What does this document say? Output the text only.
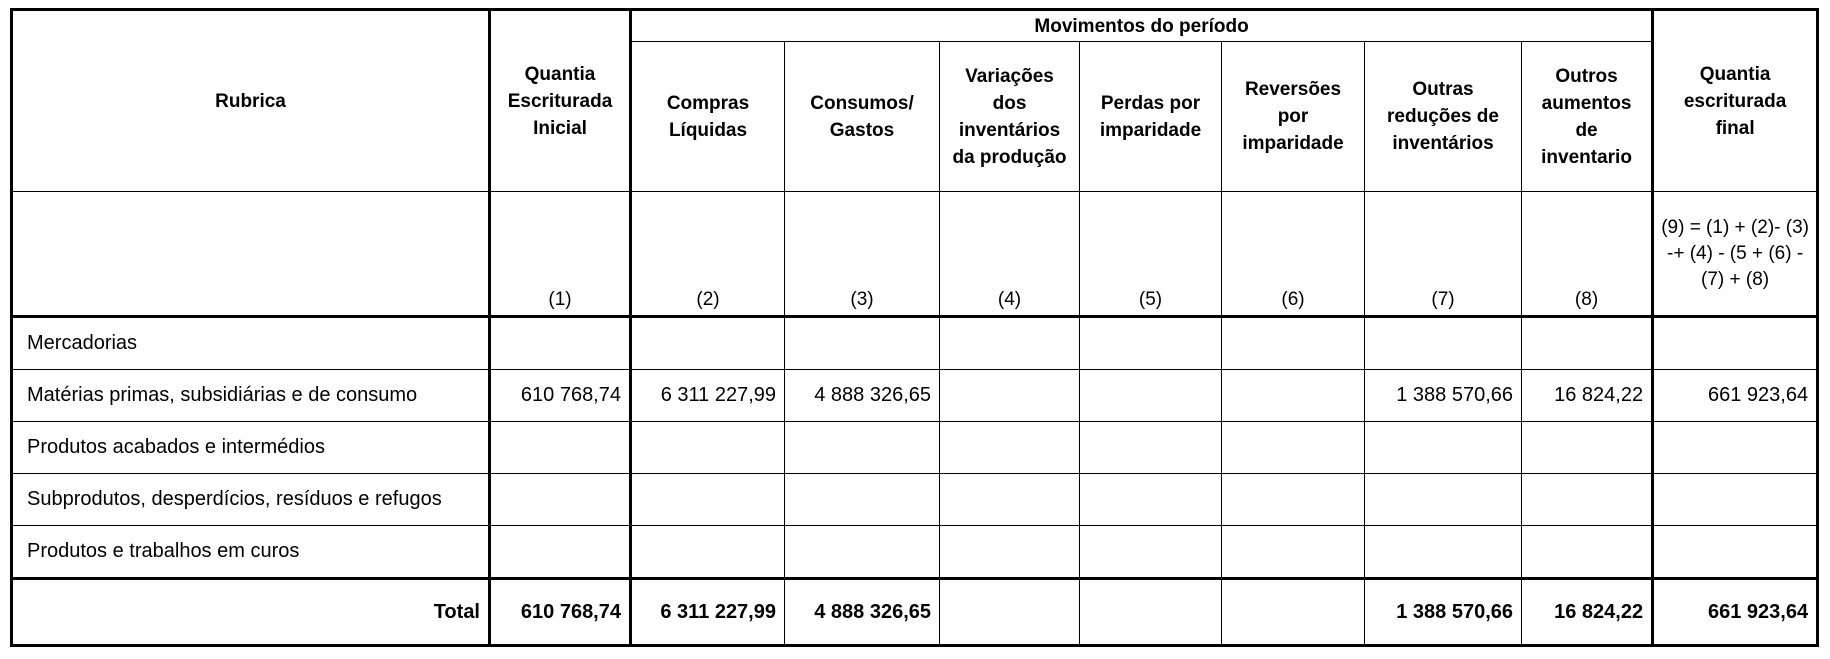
Rubrica	Quantia Escriturada Inicial	Movimentos do período							Quantia escriturada final
		Compras Líquidas	Consumos/ Gastos	Variações dos inventários da produção	Perdas por imparidade	Reversões por imparidade	Outras reduções de inventários	Outros aumentos de inventario	
	(1)	(2)	(3)	(4)	(5)	(6)	(7)	(8)	(9) = (1) + (2)- (3) -+ (4) - (5 + (6) - (7) + (8)
Mercadorias									
Matérias primas, subsidiárias e de consumo	610 768,74	6 311 227,99	4 888 326,65				1 388 570,66	16 824,22	661 923,64
Produtos acabados e intermédios									
Subprodutos, desperdícios, resíduos e refugos									
Produtos e trabalhos em curos									
Total	610 768,74	6 311 227,99	4 888 326,65				1 388 570,66	16 824,22	661 923,64
